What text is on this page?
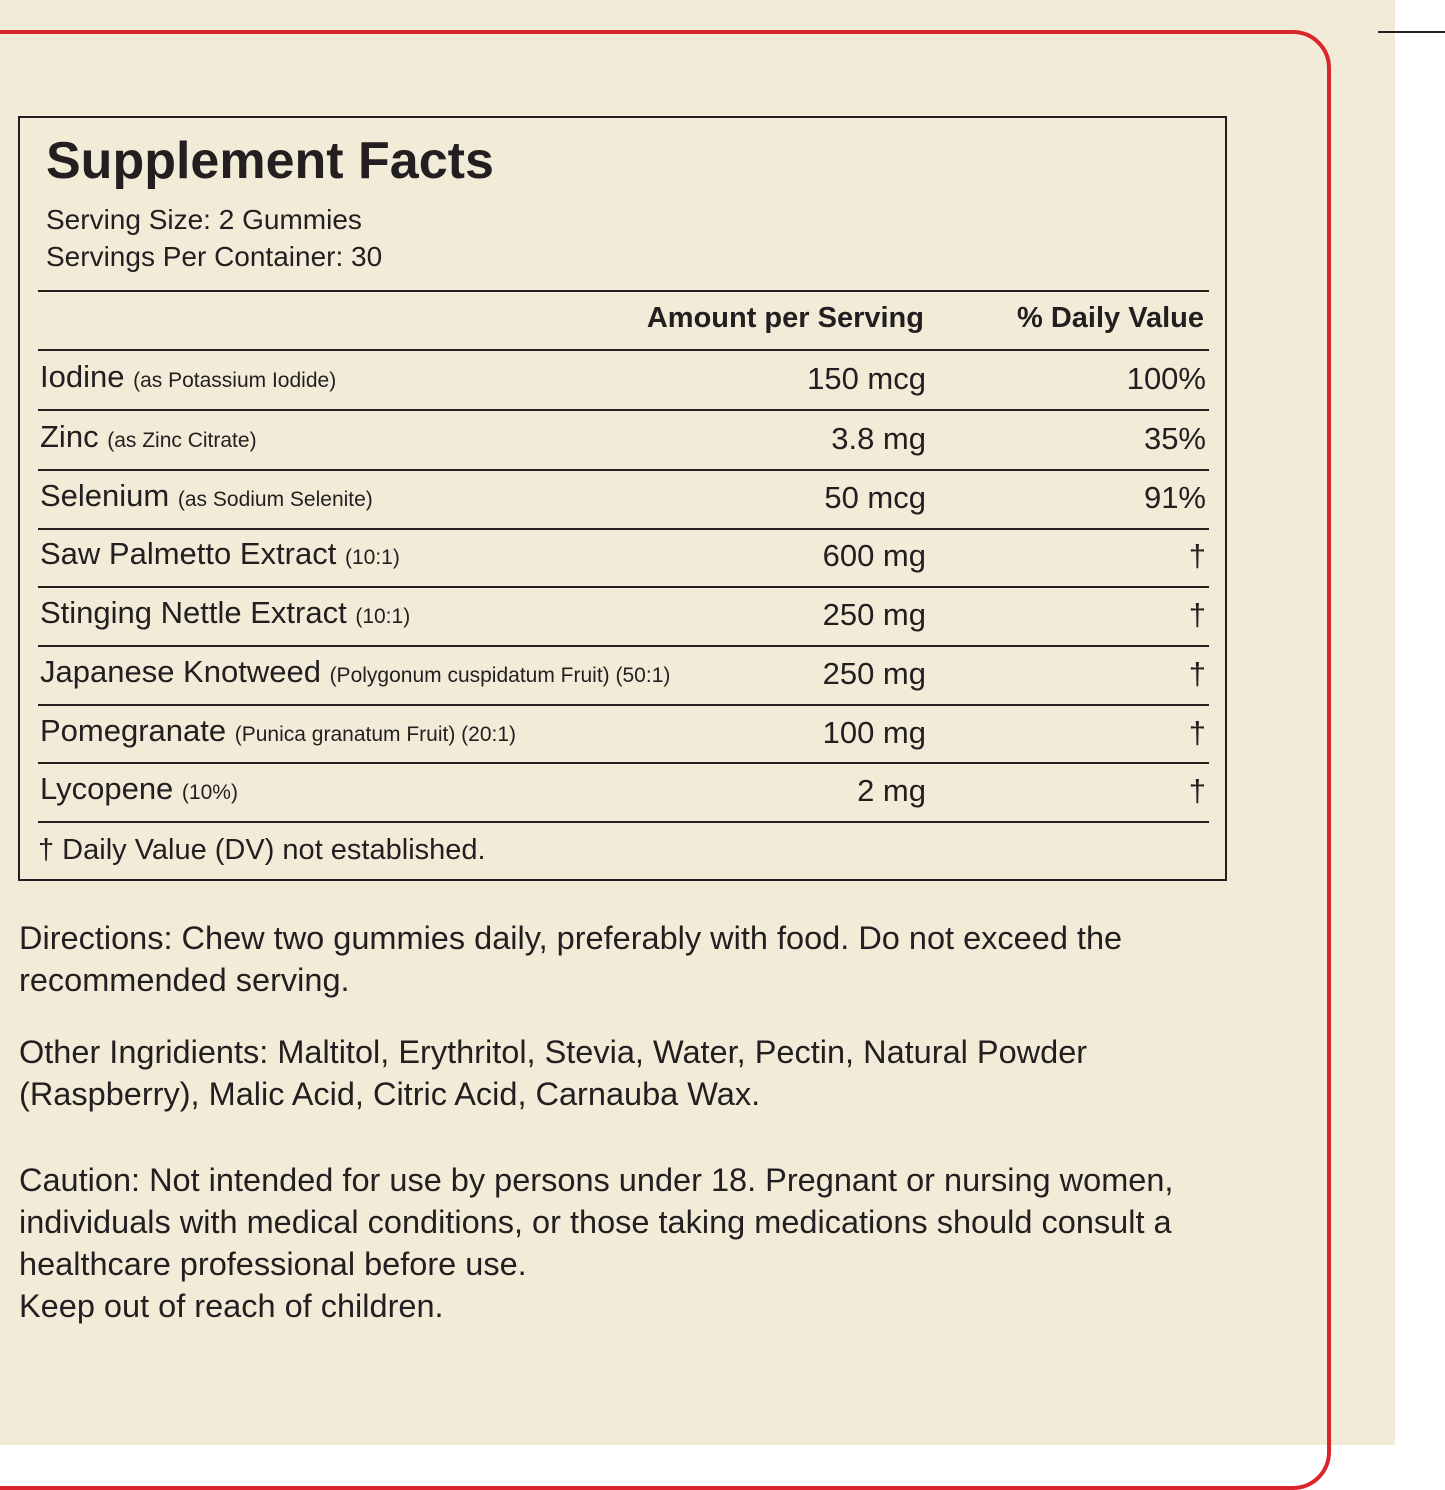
Supplement Facts
Serving Size: 2 Gummies
Servings Per Container: 30
Amount per Serving	% Daily Value
Iodine (as Potassium Iodide)	150 mcg	100%
Zinc (as Zinc Citrate)	3.8 mg	35%
Selenium (as Sodium Selenite)	50 mcg	91%
Saw Palmetto Extract (10:1)	600 mg	†
Stinging Nettle Extract (10:1)	250 mg	†
Japanese Knotweed (Polygonum cuspidatum Fruit) (50:1)	250 mg	†
Pomegranate (Punica granatum Fruit) (20:1)	100 mg	†
Lycopene (10%)	2 mg	†
† Daily Value (DV) not established.

Directions: Chew two gummies daily, preferably with food. Do not exceed the recommended serving.

Other Ingridients: Maltitol, Erythritol, Stevia, Water, Pectin, Natural Powder (Raspberry), Malic Acid, Citric Acid, Carnauba Wax.

Caution: Not intended for use by persons under 18. Pregnant or nursing women, individuals with medical conditions, or those taking medications should consult a healthcare professional before use.
Keep out of reach of children.
